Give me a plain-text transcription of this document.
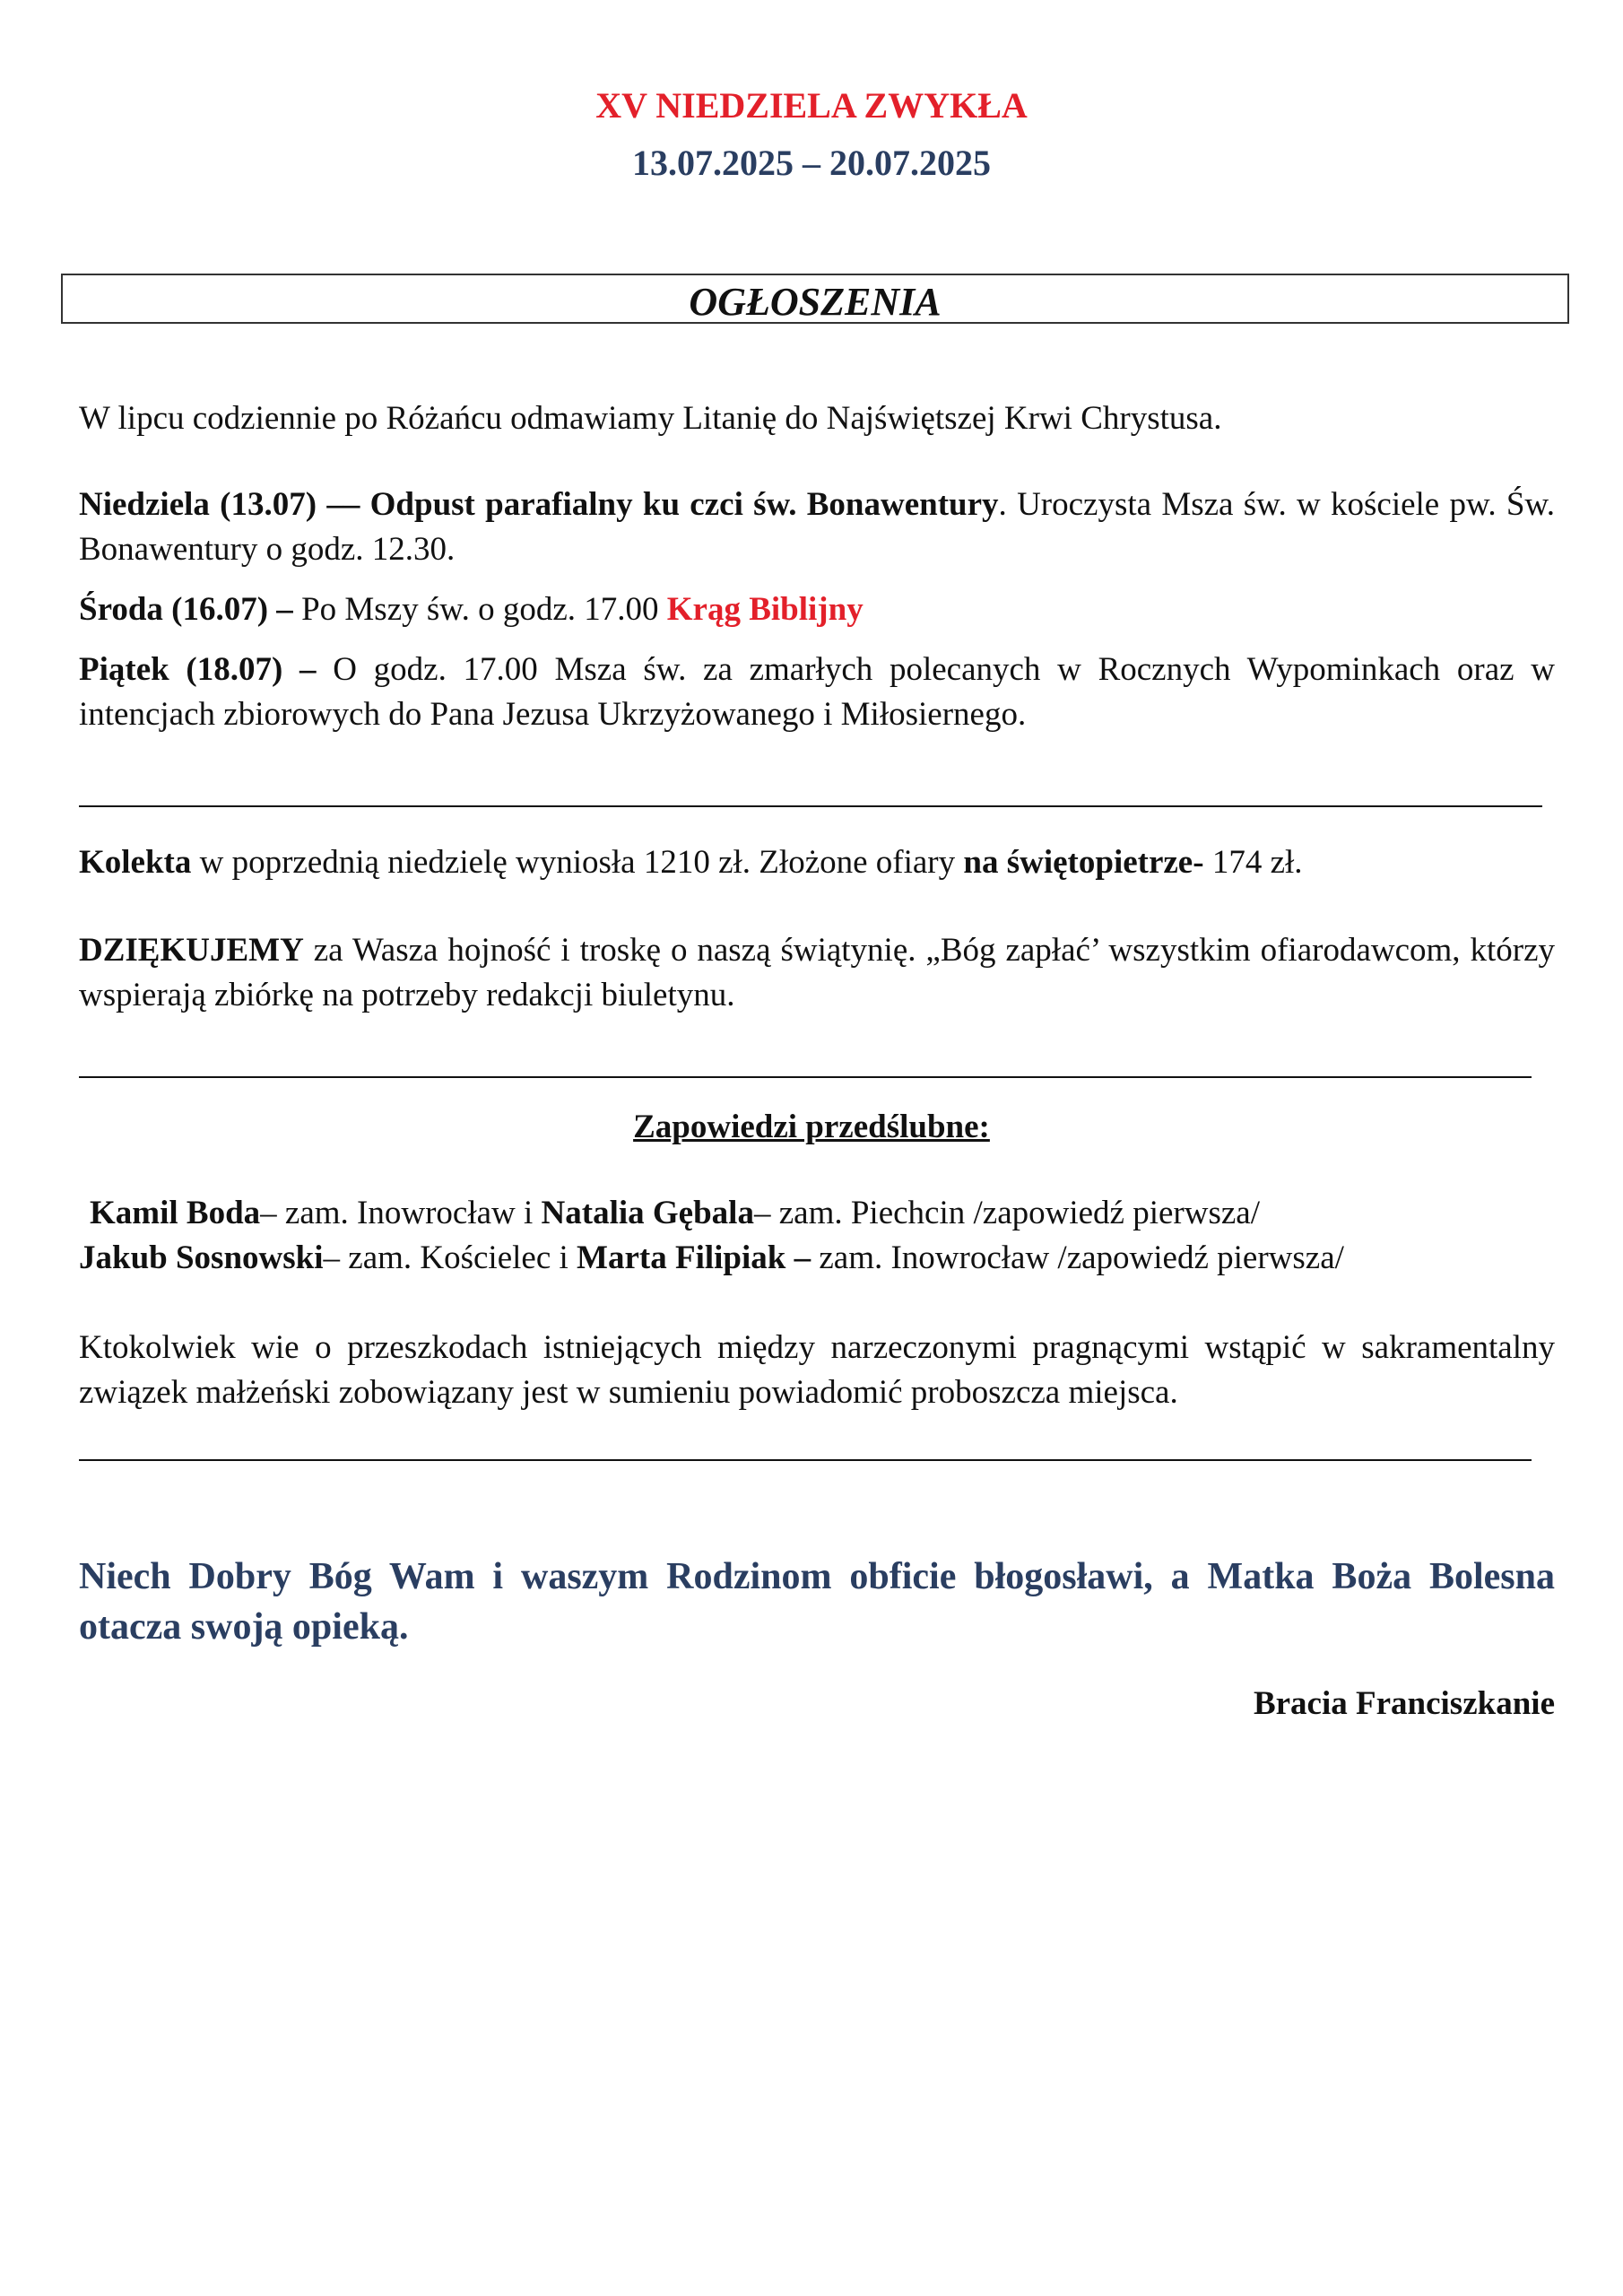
XV NIEDZIELA ZWYKŁA
13.07.2025 – 20.07.2025
OGŁOSZENIA

W lipcu codziennie po Różańcu odmawiamy Litanię do Najświętszej Krwi Chrystusa.

Niedziela (13.07) –– Odpust parafialny ku czci św. Bonawentury. Uroczysta Msza św. w kościele pw. Św. Bonawentury o godz. 12.30.

Środa (16.07) – Po Mszy św. o godz. 17.00 Krąg Biblijny

Piątek (18.07) – O godz. 17.00 Msza św. za zmarłych polecanych w Rocznych Wypominkach oraz w intencjach zbiorowych do Pana Jezusa Ukrzyżowanego i Miłosiernego.

Kolekta w poprzednią niedzielę wyniosła 1210 zł. Złożone ofiary na świętopietrze- 174 zł.

DZIĘKUJEMY za Wasza hojność i troskę o naszą świątynię. „Bóg zapłać’ wszystkim ofiarodawcom, którzy wspierają zbiórkę na potrzeby redakcji biuletynu.

Zapowiedzi przedślubne:

Kamil Boda– zam. Inowrocław i Natalia Gębala– zam. Piechcin /zapowiedź pierwsza/

Jakub Sosnowski– zam. Kościelec i Marta Filipiak – zam. Inowrocław /zapowiedź pierwsza/

Ktokolwiek wie o przeszkodach istniejących między narzeczonymi pragnącymi wstąpić w sakramentalny związek małżeński zobowiązany jest w sumieniu powiadomić proboszcza miejsca.

Niech Dobry Bóg Wam i waszym Rodzinom obficie błogosławi, a Matka Boża Bolesna otacza swoją opieką.

Bracia Franciszkanie
